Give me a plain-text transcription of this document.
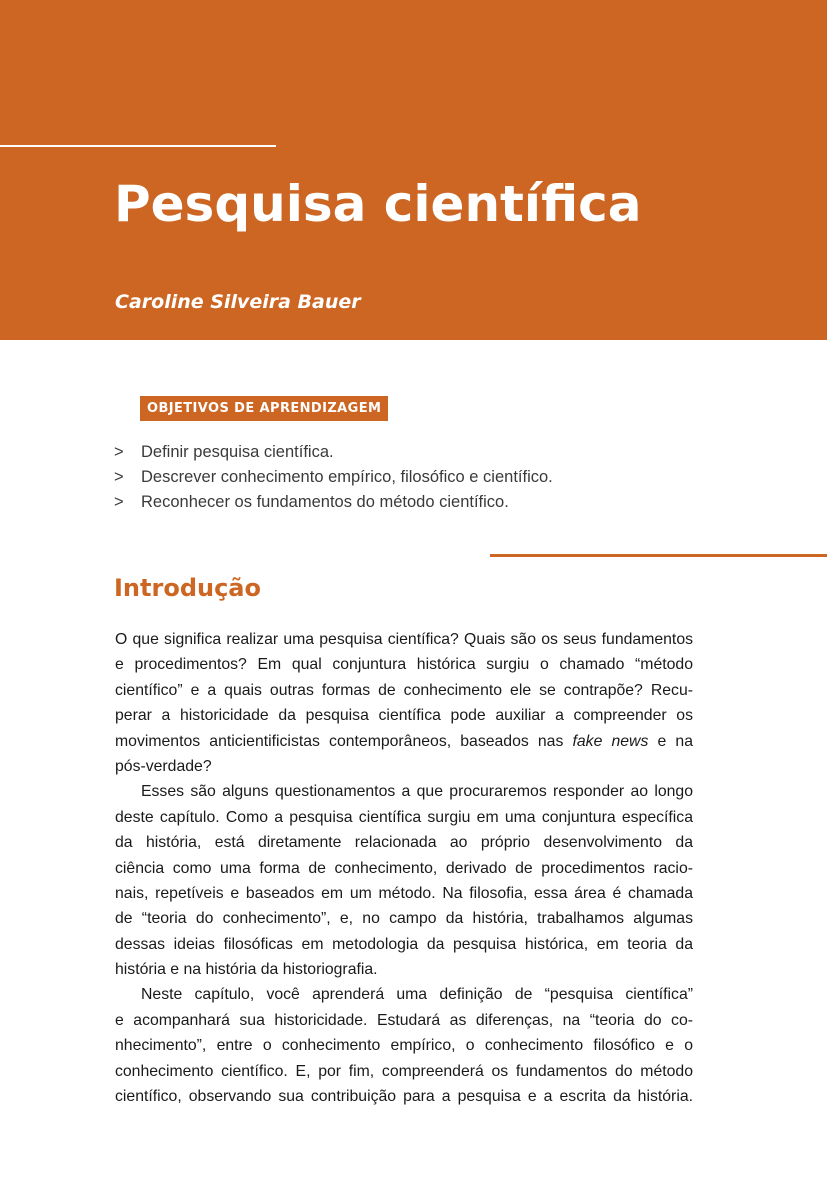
Pesquisa científica
Caroline Silveira Bauer
OBJETIVOS DE APRENDIZAGEM
> Definir pesquisa científica.
> Descrever conhecimento empírico, filosófico e científico.
> Reconhecer os fundamentos do método científico.
Introdução
O que significa realizar uma pesquisa científica? Quais são os seus fundamentos
e procedimentos? Em qual conjuntura histórica surgiu o chamado “método
científico” e a quais outras formas de conhecimento ele se contrapõe? Recu-
perar a historicidade da pesquisa científica pode auxiliar a compreender os
movimentos anticientificistas contemporâneos, baseados nas fake news e na
pós-verdade?
Esses são alguns questionamentos a que procuraremos responder ao longo
deste capítulo. Como a pesquisa científica surgiu em uma conjuntura específica
da história, está diretamente relacionada ao próprio desenvolvimento da
ciência como uma forma de conhecimento, derivado de procedimentos racio-
nais, repetíveis e baseados em um método. Na filosofia, essa área é chamada
de “teoria do conhecimento”, e, no campo da história, trabalhamos algumas
dessas ideias filosóficas em metodologia da pesquisa histórica, em teoria da
história e na história da historiografia.
Neste capítulo, você aprenderá uma definição de “pesquisa científica”
e acompanhará sua historicidade. Estudará as diferenças, na “teoria do co-
nhecimento”, entre o conhecimento empírico, o conhecimento filosófico e o
conhecimento científico. E, por fim, compreenderá os fundamentos do método
científico, observando sua contribuição para a pesquisa e a escrita da história.
